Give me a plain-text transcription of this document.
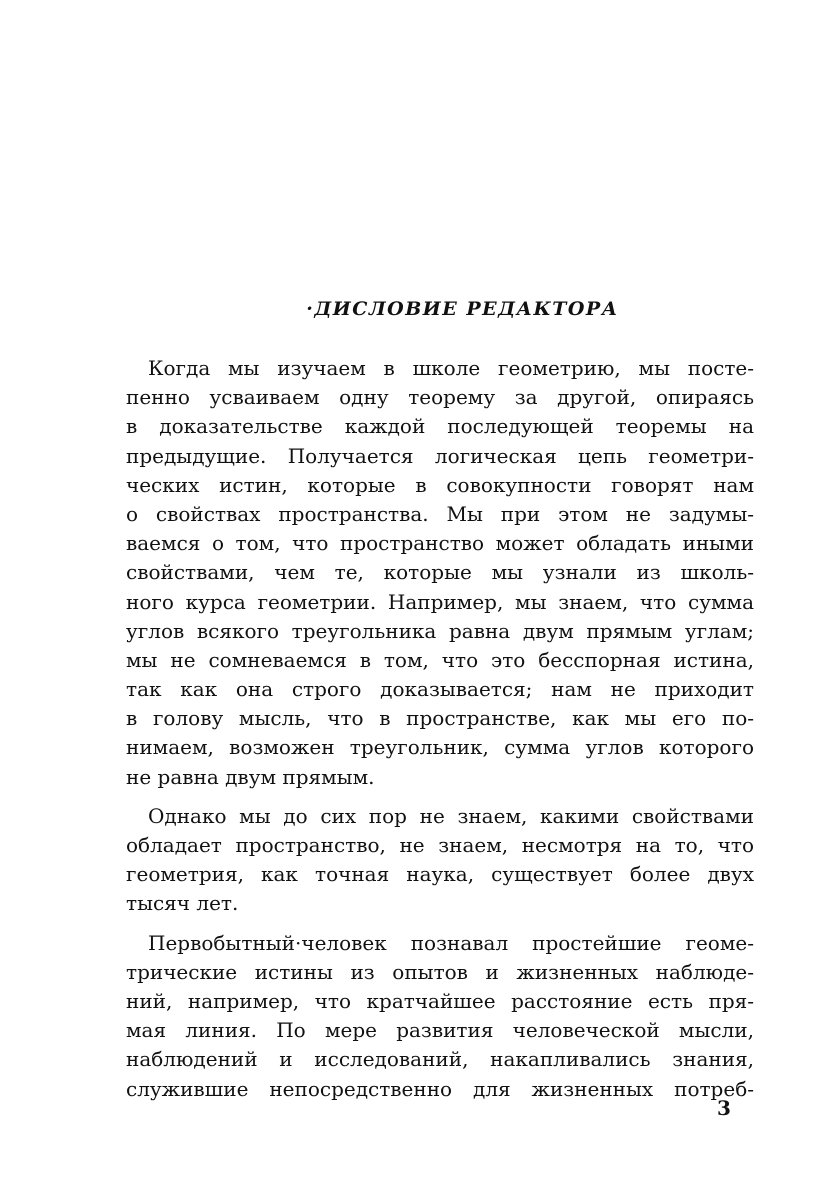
·ДИСЛОВИЕ РЕДАКТОРА
Когда мы изучаем в школе геометрию, мы посте-
пенно усваиваем одну теорему за другой, опираясь
в доказательстве каждой последующей теоремы на
предыдущие. Получается логическая цепь геометри-
ческих истин, которые в совокупности говорят нам
о свойствах пространства. Мы при этом не задумы-
ваемся о том, что пространство может обладать иными
свойствами, чем те, которые мы узнали из школь-
ного курса геометрии. Например, мы знаем, что сумма
углов всякого треугольника равна двум прямым углам;
мы не сомневаемся в том, что это бесспорная истина,
так как она строго доказывается; нам не приходит
в голову мысль, что в пространстве, как мы его по-
нимаем, возможен треугольник, сумма углов которого
не равна двум прямым.
Однако мы до сих пор не знаем, какими свойствами
обладает пространство, не знаем, несмотря на то, что
геометрия, как точная наука, существует более двух
тысяч лет.
Первобытный·человек познавал простейшие геоме-
трические истины из опытов и жизненных наблюде-
ний, например, что кратчайшее расстояние есть пря-
мая линия. По мере развития человеческой мысли,
наблюдений и исследований, накапливались знания,
служившие непосредственно для жизненных потреб-
3
